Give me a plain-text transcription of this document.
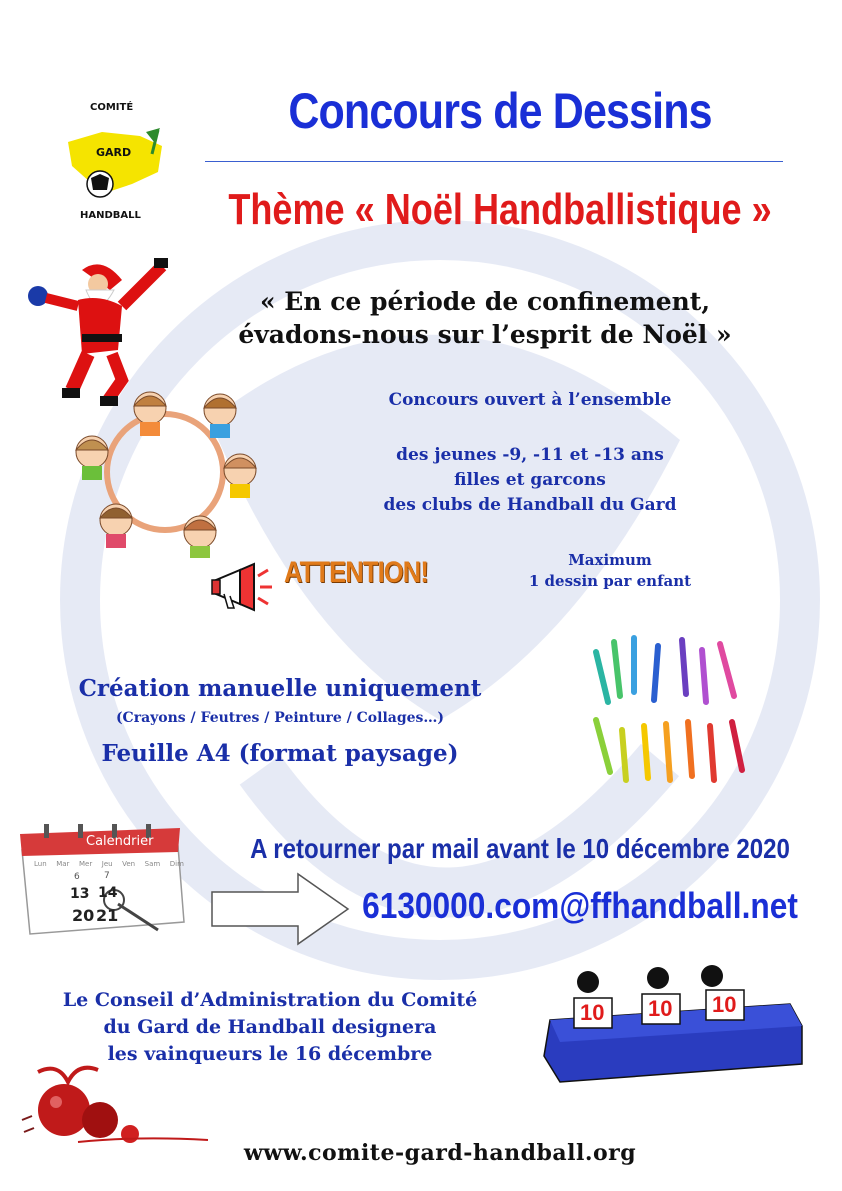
COMITÉ
GARD
HANDBALL
Concours de Dessins
Thème « Noël Handballistique »
« En ce période de confinement,
évadons-nous sur l’esprit de Noël »
Concours ouvert à l’ensemble
des jeunes -9, -11 et -13 ans
filles et garcons
des clubs de Handball du Gard
ATTENTION!	Maximum
1 dessin par enfant
Création manuelle uniquement
(Crayons / Feutres / Peinture / Collages…)
Feuille A4 (format paysage)
Calendrier
Lun Mar Mer Jeu Ven Sam Dim
6	7
13 14
20 21
A retourner par mail avant le 10 décembre 2020
6130000.com@ffhandball.net
Le Conseil d’Administration du Comité
du Gard de Handball designera
les vainqueurs le 16 décembre
10 10 10
www.comite-gard-handball.org
